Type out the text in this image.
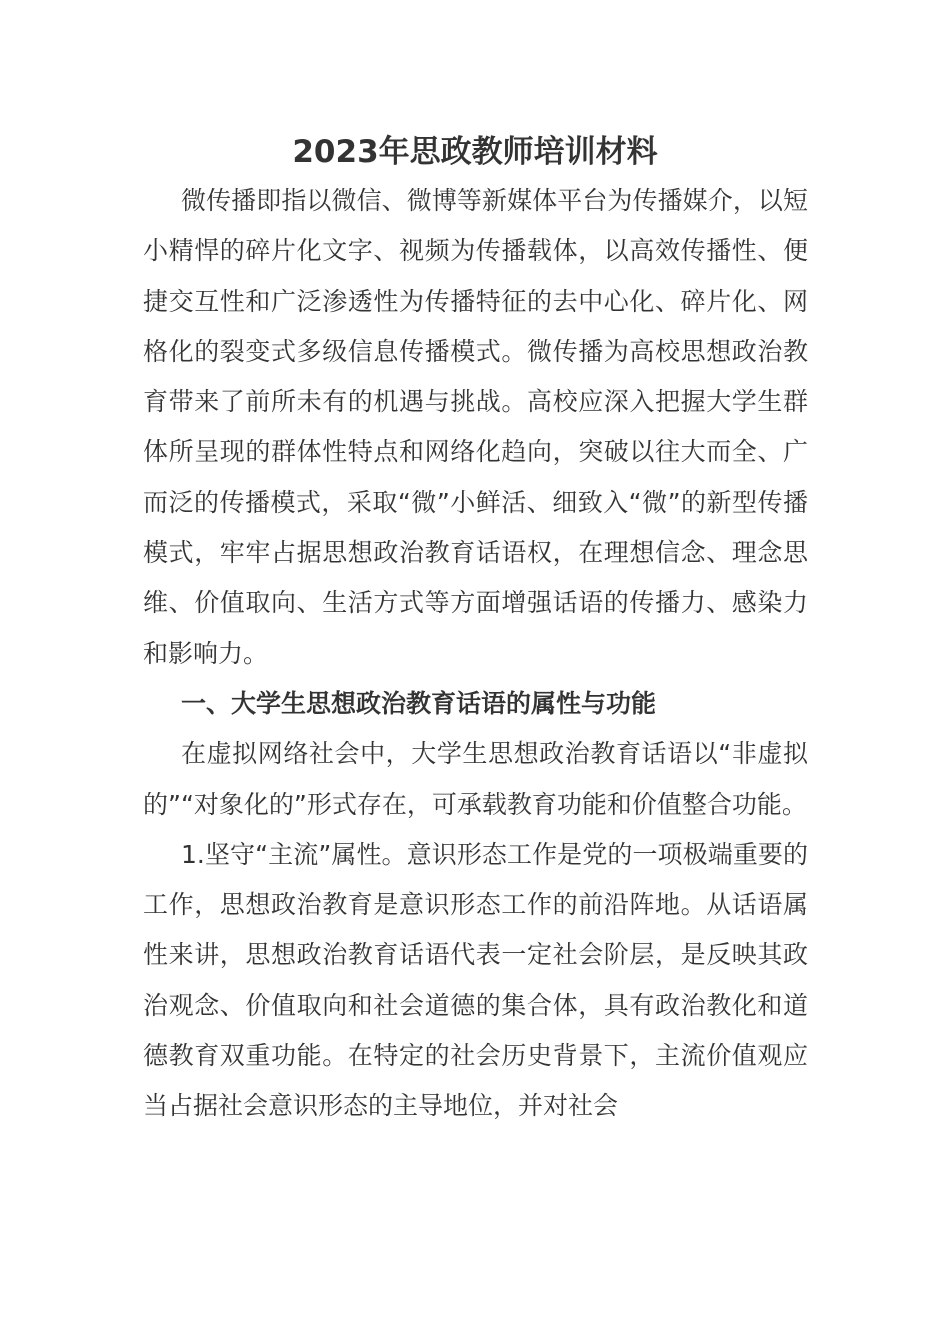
2023年思政教师培训材料

微传播即指以微信、微博等新媒体平台为传播媒介，以短小精悍的碎片化文字、视频为传播载体，以高效传播性、便捷交互性和广泛渗透性为传播特征的去中心化、碎片化、网格化的裂变式多级信息传播模式。微传播为高校思想政治教育带来了前所未有的机遇与挑战。高校应深入把握大学生群体所呈现的群体性特点和网络化趋向，突破以往大而全、广而泛的传播模式，采取“微”小鲜活、细致入“微”的新型传播模式，牢牢占据思想政治教育话语权，在理想信念、理念思维、价值取向、生活方式等方面增强话语的传播力、感染力和影响力。

一、大学生思想政治教育话语的属性与功能

在虚拟网络社会中，大学生思想政治教育话语以“非虚拟的”“对象化的”形式存在，可承载教育功能和价值整合功能。

1.坚守“主流”属性。意识形态工作是党的一项极端重要的工作，思想政治教育是意识形态工作的前沿阵地。从话语属性来讲，思想政治教育话语代表一定社会阶层，是反映其政治观念、价值取向和社会道德的集合体，具有政治教化和道德教育双重功能。在特定的社会历史背景下，主流价值观应当占据社会意识形态的主导地位，并对社会
